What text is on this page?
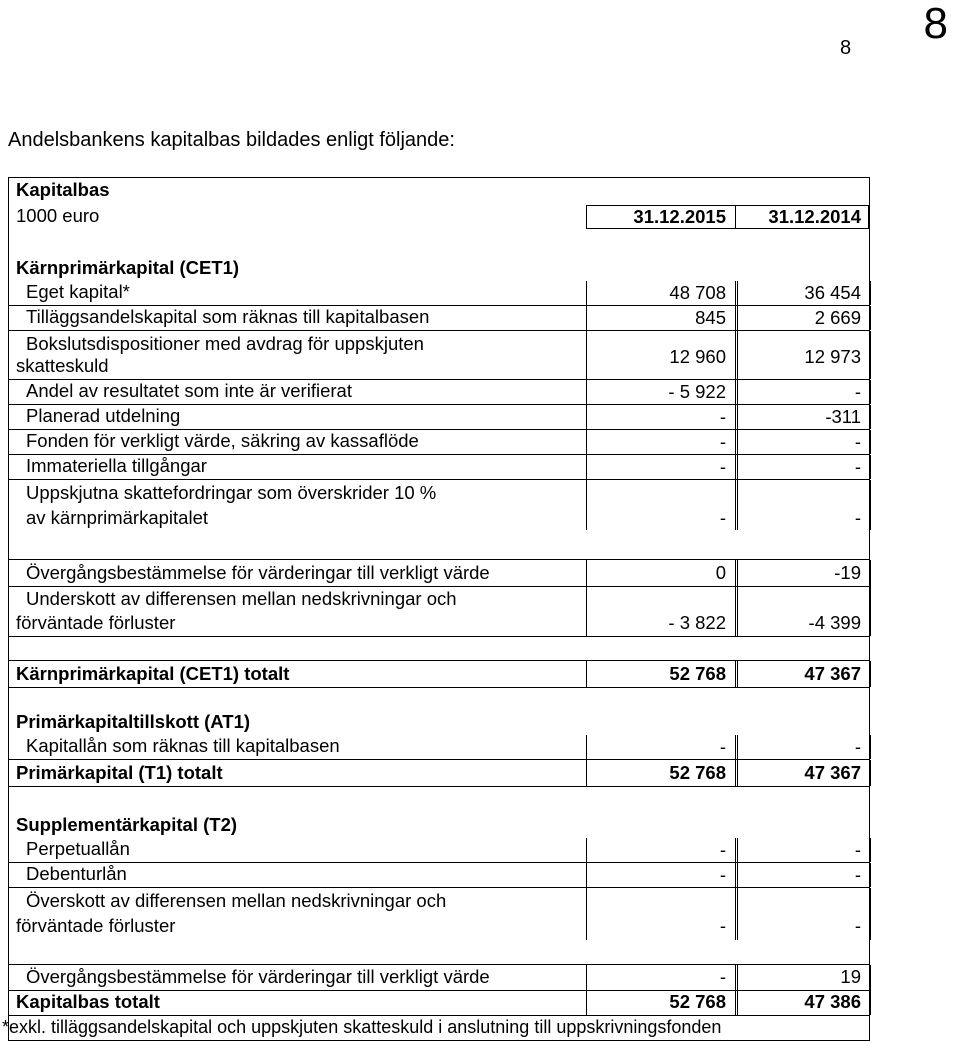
8
8
Andelsbankens kapitalbas bildades enligt följande:
Kapitalbas
1000 euro	31.12.2015	31.12.2014
Kärnprimärkapital (CET1)
Eget kapital*	48 708	36 454
Tilläggsandelskapital som räknas till kapitalbasen	845	2 669
Bokslutsdispositioner med avdrag för uppskjuten
skatteskuld	12 960	12 973
Andel av resultatet som inte är verifierat	- 5 922	-
Planerad utdelning	-	-311
Fonden för verkligt värde, säkring av kassaflöde	-	-
Immateriella tillgångar	-	-
Uppskjutna skattefordringar som överskrider 10 %
av kärnprimärkapitalet	-	-
Övergångsbestämmelse för värderingar till verkligt värde	0	-19
Underskott av differensen mellan nedskrivningar och
förväntade förluster	- 3 822	-4 399
Kärnprimärkapital (CET1) totalt	52 768	47 367
Primärkapitaltillskott (AT1)
Kapitallån som räknas till kapitalbasen	-	-
Primärkapital (T1) totalt	52 768	47 367
Supplementärkapital (T2)
Perpetuallån	-	-
Debenturlån	-	-
Överskott av differensen mellan nedskrivningar och
förväntade förluster	-	-
Övergångsbestämmelse för värderingar till verkligt värde	-	19
Kapitalbas totalt	52 768	47 386
*exkl. tilläggsandelskapital och uppskjuten skatteskuld i anslutning till uppskrivningsfonden
